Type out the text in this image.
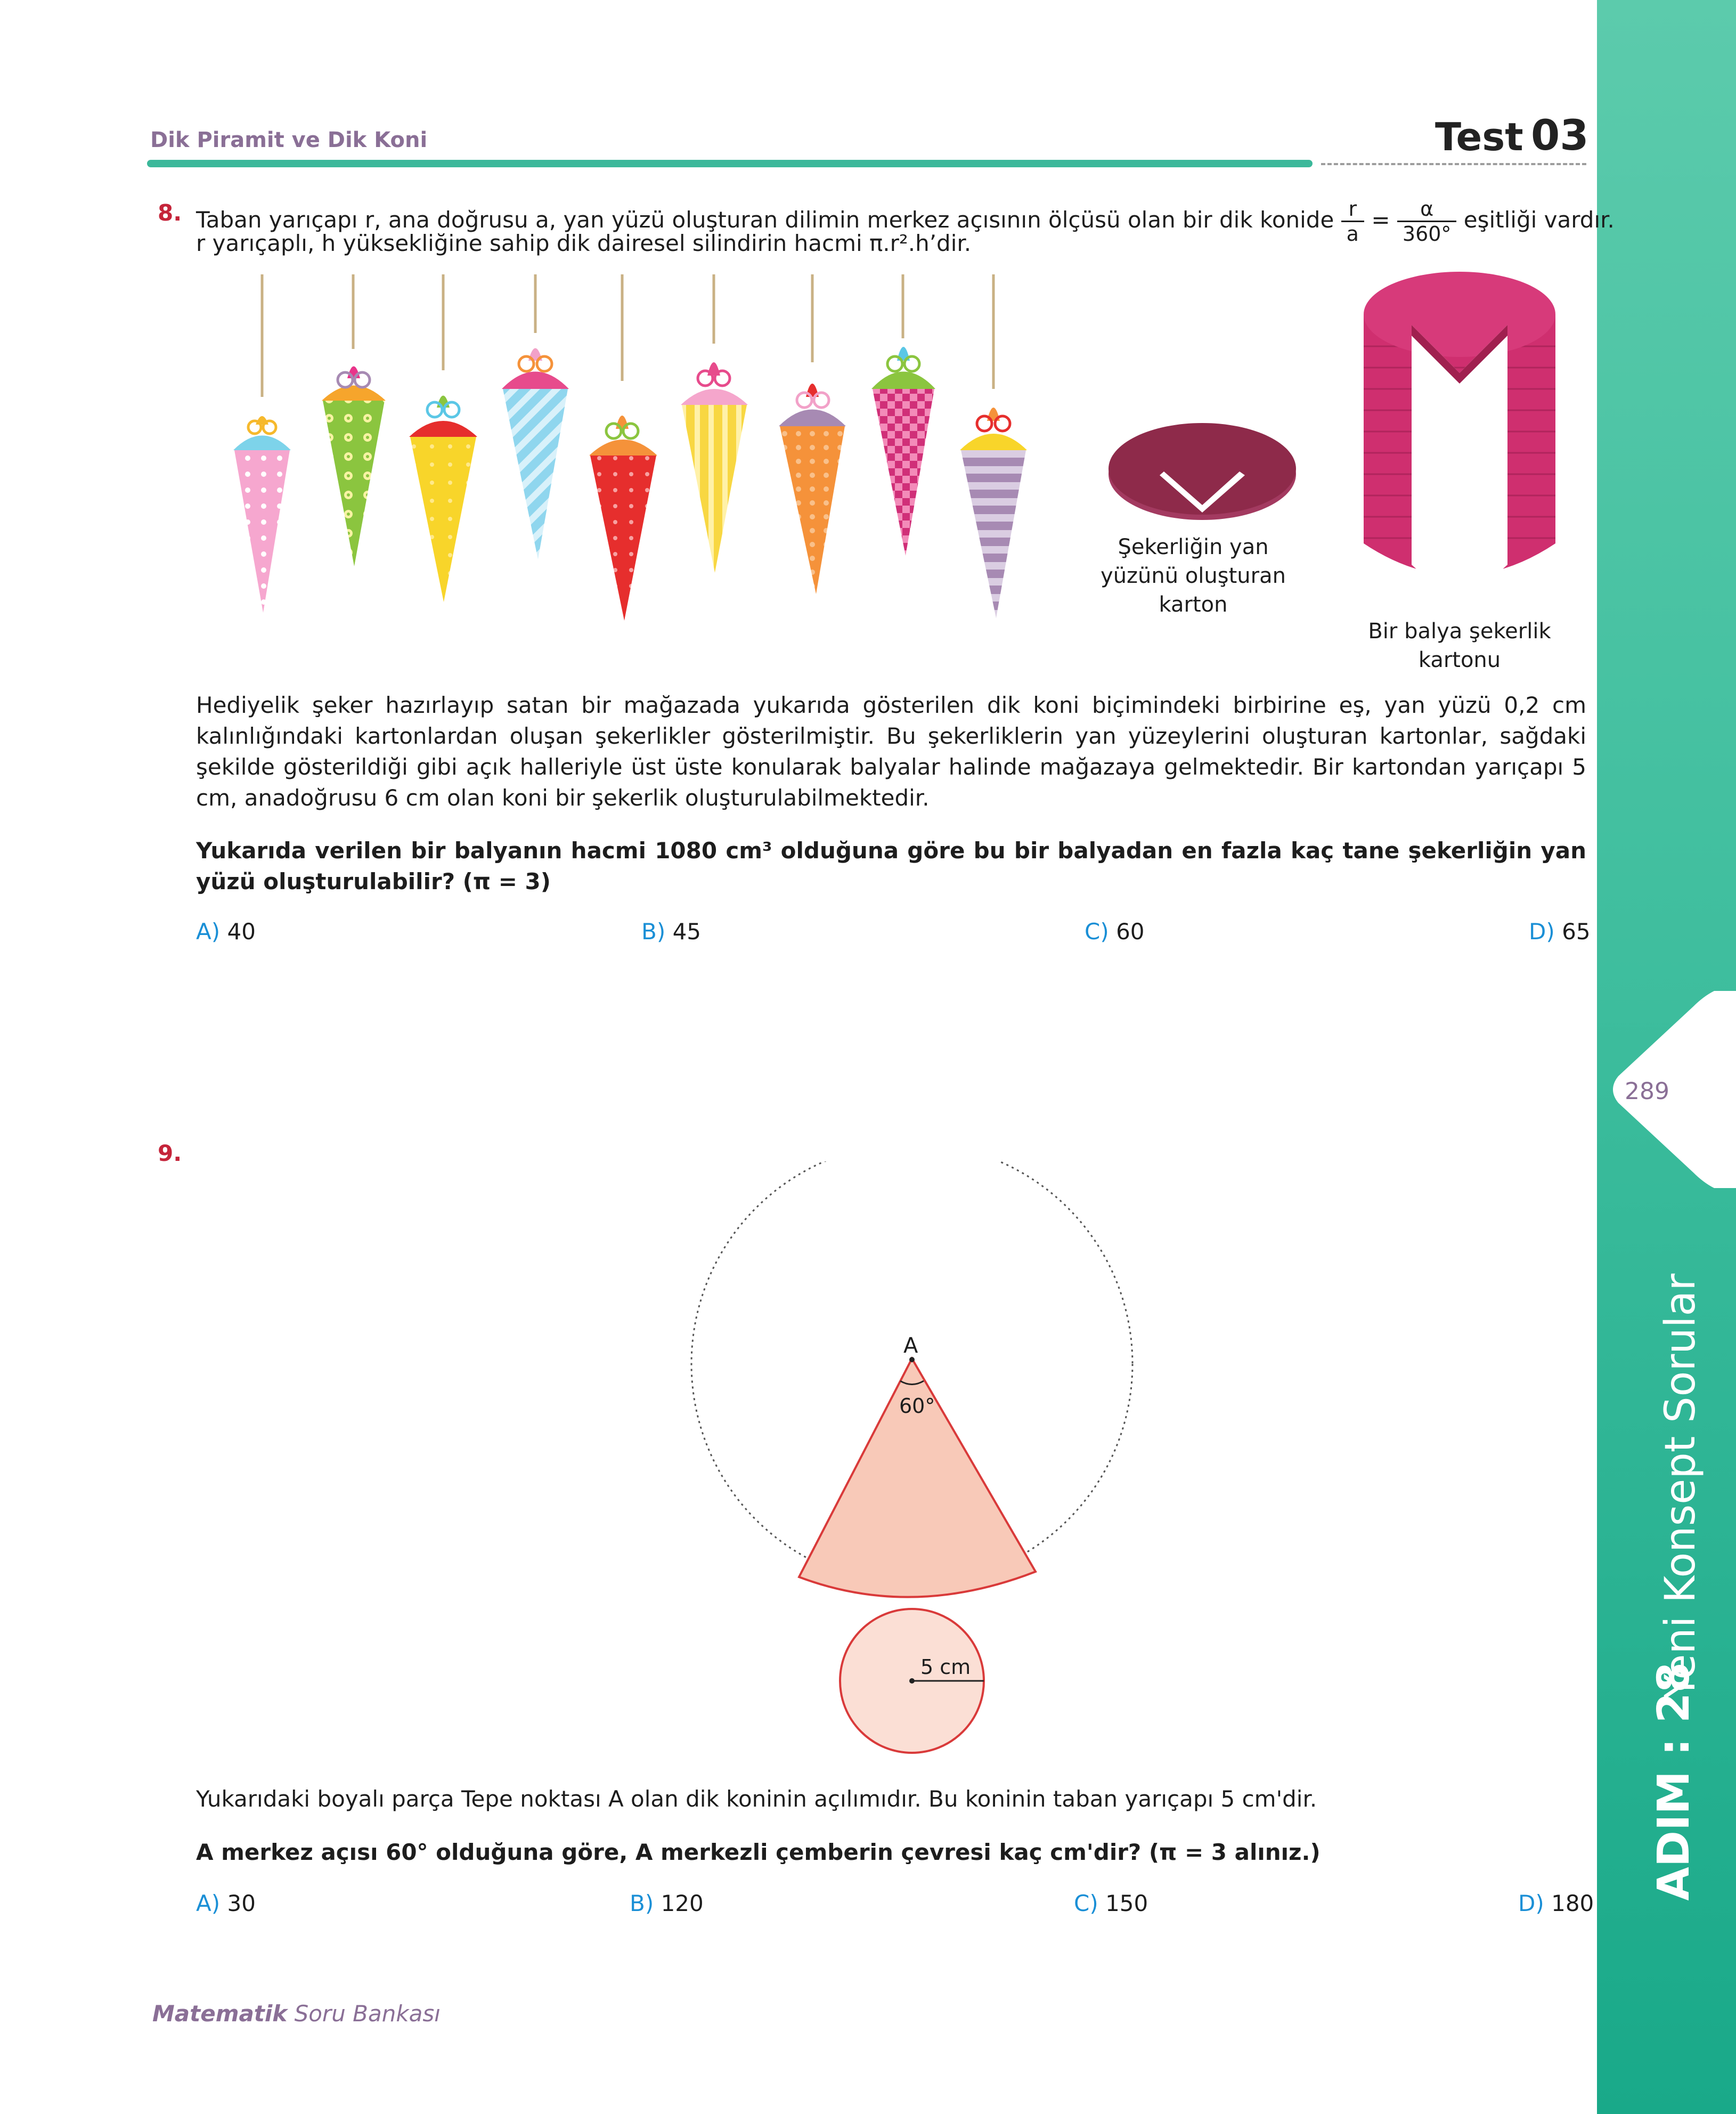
Dik Piramit ve Dik Koni	Test 03
289
Yeni Konsept Sorular
ADIM : 28
8. Taban yarıçapı r, ana doğrusu a, yan yüzü oluşturan dilimin merkez açısının ölçüsü olan bir dik konide $\frac{r}{a} = \frac{\alpha}{360^\circ}$ eşitliği vardır.
r yarıçaplı, h yüksekliğine sahip dik dairesel silindirin hacmi π.r².h’dir.
Şekerliğin yan yüzünü oluşturan karton
Bir balya şekerlik kartonu
Hediyelik şeker hazırlayıp satan bir mağazada yukarıda gösterilen dik koni biçimindeki birbirine eş, yan yüzü 0,2 cm kalınlığındaki kartonlardan oluşan şekerlikler gösterilmiştir. Bu şekerliklerin yan yüzeylerini oluşturan kartonlar, sağdaki şekilde gösterildiği gibi açık halleriyle üst üste konularak balyalar halinde mağazaya gelmektedir. Bir kartondan yarıçapı 5 cm, anadoğrusu 6 cm olan koni bir şekerlik oluşturulabilmektedir.
Yukarıda verilen bir balyanın hacmi 1080 cm³ olduğuna göre bu bir balyadan en fazla kaç tane şekerliğin yan yüzü oluşturulabilir? (π = 3)
A) 40	B) 45	C) 60	D) 65
9.
A
60°
5 cm
Yukarıdaki boyalı parça Tepe noktası A olan dik koninin açılımıdır. Bu koninin taban yarıçapı 5 cm'dir.
A merkez açısı 60° olduğuna göre, A merkezli çemberin çevresi kaç cm'dir? (π = 3 alınız.)
A) 30	B) 120	C) 150	D) 180
Matematik Soru Bankası
